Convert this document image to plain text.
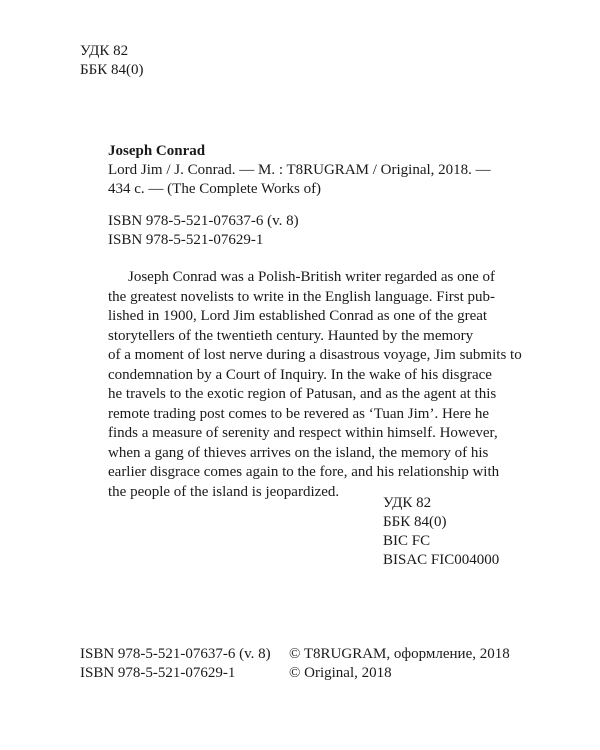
УДК 82
ББК 84(0)
Joseph Conrad
Lord Jim / J. Conrad. — M. : T8RUGRAM / Original, 2018. —
434 c. — (The Complete Works of)
ISBN 978-5-521-07637-6 (v. 8)
ISBN 978-5-521-07629-1
Joseph Conrad was a Polish-British writer regarded as one of
the greatest novelists to write in the English language. First pub-
lished in 1900, Lord Jim established Conrad as one of the great
storytellers of the twentieth century. Haunted by the memory
of a moment of lost nerve during a disastrous voyage, Jim submits to
condemnation by a Court of Inquiry. In the wake of his disgrace
he travels to the exotic region of Patusan, and as the agent at this
remote trading post comes to be revered as ‘Tuan Jim’. Here he
finds a measure of serenity and respect within himself. However,
when a gang of thieves arrives on the island, the memory of his
earlier disgrace comes again to the fore, and his relationship with
the people of the island is jeopardized.
УДК 82
ББК 84(0)
BIC FC
BISAC FIC004000
ISBN 978-5-521-07637-6 (v. 8)
ISBN 978-5-521-07629-1
© T8RUGRAM, оформление, 2018
© Original, 2018
